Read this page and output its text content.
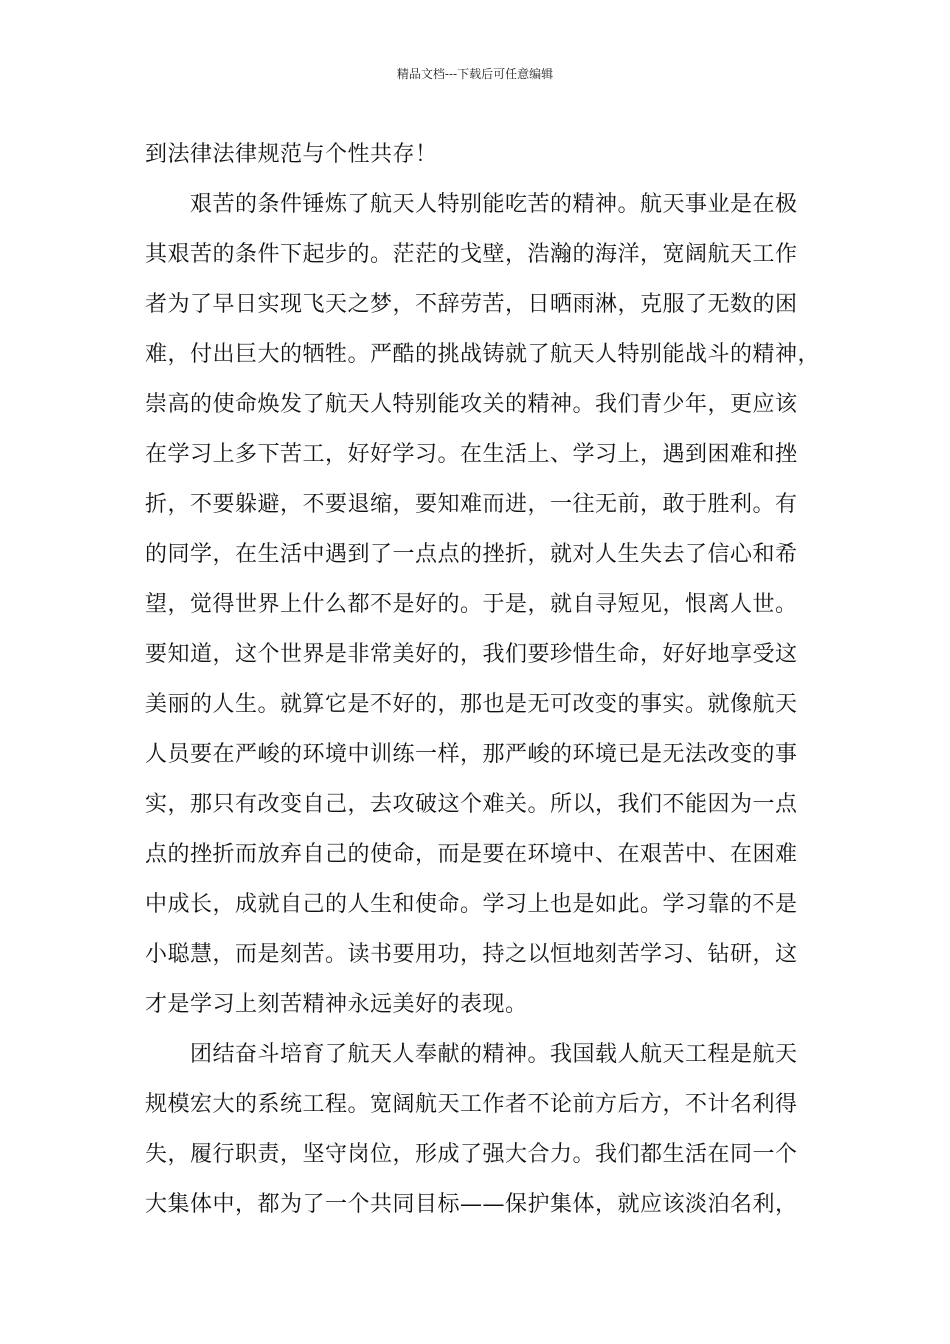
精品文档---下载后可任意编辑
到法律法律规范与个性共存！
艰苦的条件锤炼了航天人特别能吃苦的精神。航天事业是在极
其艰苦的条件下起步的。茫茫的戈壁，浩瀚的海洋，宽阔航天工作
者为了早日实现飞天之梦，不辞劳苦，日晒雨淋，克服了无数的困
难，付出巨大的牺牲。严酷的挑战铸就了航天人特别能战斗的精神，
崇高的使命焕发了航天人特别能攻关的精神。我们青少年，更应该
在学习上多下苦工，好好学习。在生活上、学习上，遇到困难和挫
折，不要躲避，不要退缩，要知难而进，一往无前，敢于胜利。有
的同学，在生活中遇到了一点点的挫折，就对人生失去了信心和希
望，觉得世界上什么都不是好的。于是，就自寻短见，恨离人世。
要知道，这个世界是非常美好的，我们要珍惜生命，好好地享受这
美丽的人生。就算它是不好的，那也是无可改变的事实。就像航天
人员要在严峻的环境中训练一样，那严峻的环境已是无法改变的事
实，那只有改变自己，去攻破这个难关。所以，我们不能因为一点
点的挫折而放弃自己的使命，而是要在环境中、在艰苦中、在困难
中成长，成就自己的人生和使命。学习上也是如此。学习靠的不是
小聪慧，而是刻苦。读书要用功，持之以恒地刻苦学习、钻研，这
才是学习上刻苦精神永远美好的表现。
团结奋斗培育了航天人奉献的精神。我国载人航天工程是航天
规模宏大的系统工程。宽阔航天工作者不论前方后方，不计名利得
失，履行职责，坚守岗位，形成了强大合力。我们都生活在同一个
大集体中，都为了一个共同目标——保护集体，就应该淡泊名利，
